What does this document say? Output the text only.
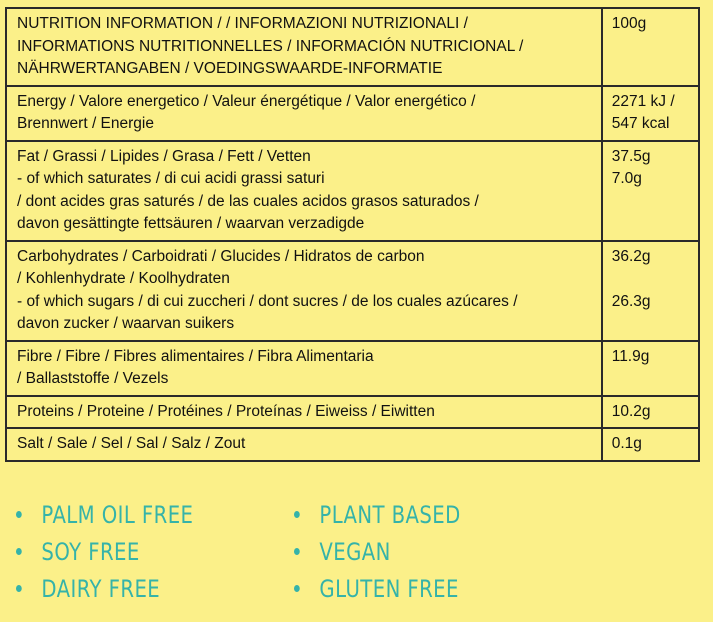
NUTRITION INFORMATION / / INFORMAZIONI NUTRIZIONALI /
INFORMATIONS NUTRITIONNELLES / INFORMACIÓN NUTRICIONAL /
NÄHRWERTANGABEN / VOEDINGSWAARDE-INFORMATIE	100g

Energy / Valore energetico / Valeur énergétique / Valor energético /
Brennwert / Energie	2271 kJ /
547 kcal

Fat / Grassi / Lipides / Grasa / Fett / Vetten
- of which saturates / di cui acidi grassi saturi
/ dont acides gras saturés / de las cuales acidos grasos saturados /
davon gesättingte fettsäuren / waarvan verzadigde	37.5g
7.0g

Carbohydrates / Carboidrati / Glucides / Hidratos de carbon
/ Kohlenhydrate / Koolhydraten
- of which sugars / di cui zuccheri / dont sucres / de los cuales azúcares /
davon zucker / waarvan suikers	36.2g
26.3g

Fibre / Fibre / Fibres alimentaires / Fibra Alimentaria
/ Ballaststoffe / Vezels	11.9g

Proteins / Proteine / Protéines / Proteínas / Eiweiss / Eiwitten	10.2g

Salt / Sale / Sel / Sal / Salz / Zout	0.1g
PALM OIL FREE
SOY FREE
DAIRY FREE
PLANT BASED
VEGAN
GLUTEN FREE
